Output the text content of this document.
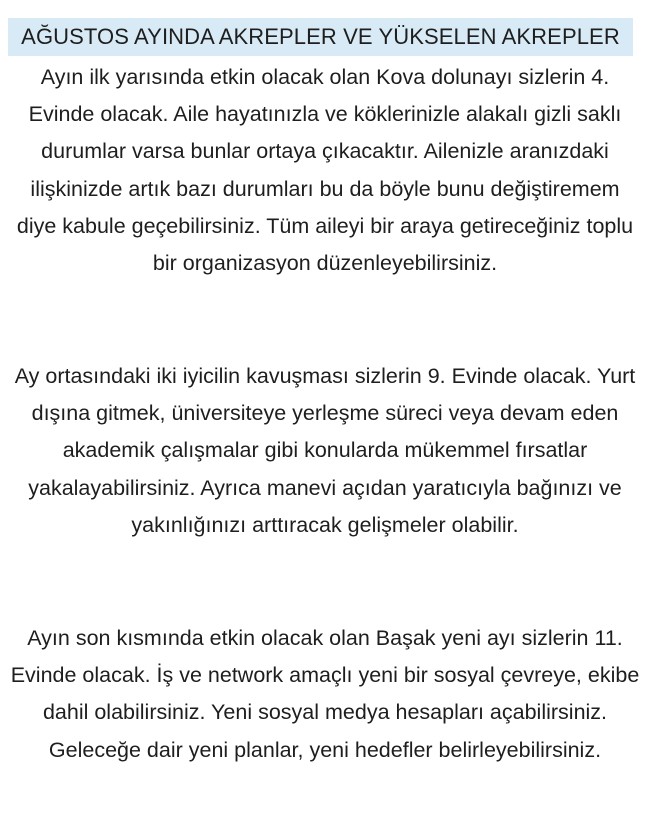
AĞUSTOS AYINDA AKREPLER VE YÜKSELEN AKREPLER

Ayın ilk yarısında etkin olacak olan Kova dolunayı sizlerin 4. Evinde olacak. Aile hayatınızla ve köklerinizle alakalı gizli saklı durumlar varsa bunlar ortaya çıkacaktır. Ailenizle aranızdaki ilişkinizde artık bazı durumları bu da böyle bunu değiştiremem diye kabule geçebilirsiniz. Tüm aileyi bir araya getireceğiniz toplu bir organizasyon düzenleyebilirsiniz.

Ay ortasındaki iki iyicilin kavuşması sizlerin 9. Evinde olacak. Yurt dışına gitmek, üniversiteye yerleşme süreci veya devam eden akademik çalışmalar gibi konularda mükemmel fırsatlar yakalayabilirsiniz. Ayrıca manevi açıdan yaratıcıyla bağınızı ve yakınlığınızı arttıracak gelişmeler olabilir.

Ayın son kısmında etkin olacak olan Başak yeni ayı sizlerin 11. Evinde olacak. İş ve network amaçlı yeni bir sosyal çevreye, ekibe dahil olabilirsiniz. Yeni sosyal medya hesapları açabilirsiniz. Geleceğe dair yeni planlar, yeni hedefler belirleyebilirsiniz.
